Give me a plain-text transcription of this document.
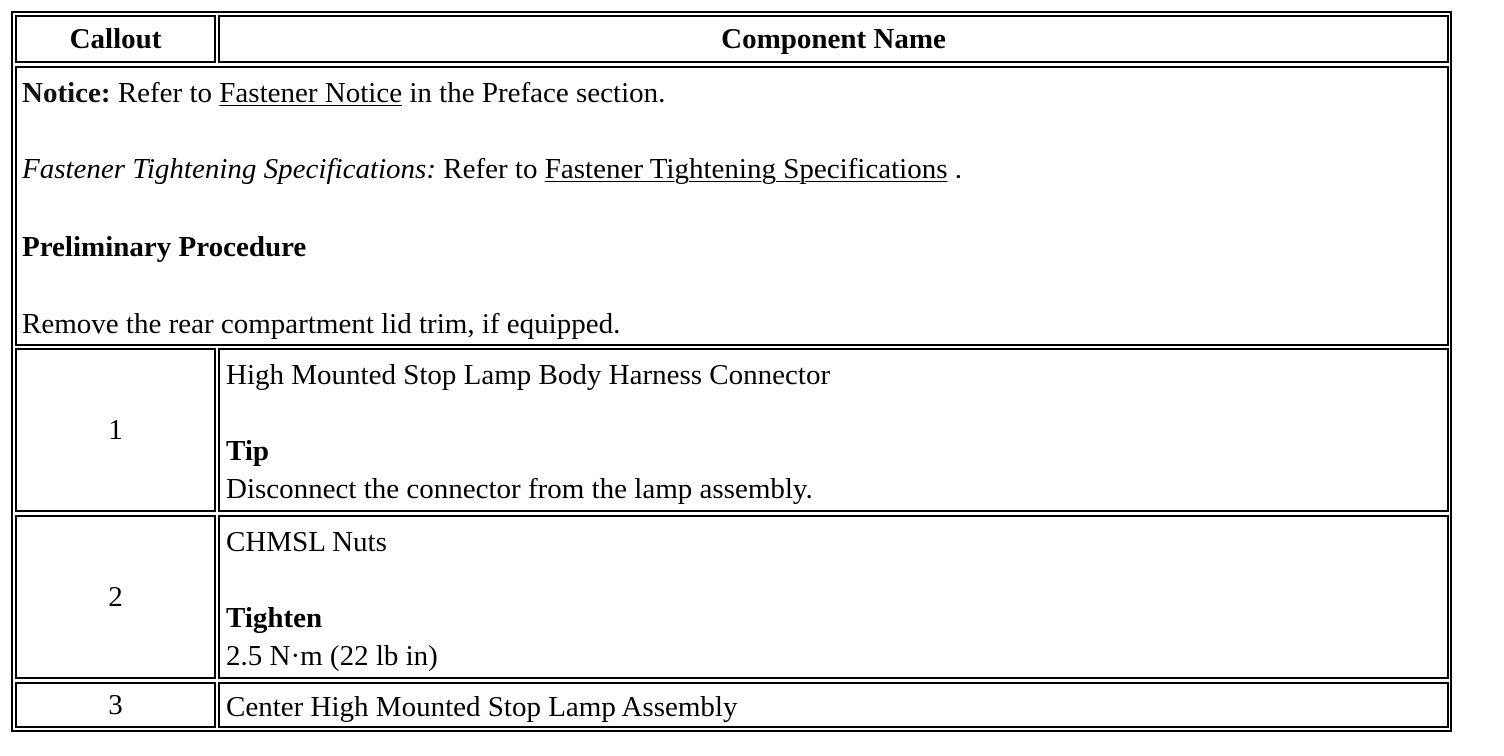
Callout	Component Name

Notice: Refer to Fastener Notice in the Preface section.

Fastener Tightening Specifications: Refer to Fastener Tightening Specifications .

Preliminary Procedure

Remove the rear compartment lid trim, if equipped.

1

High Mounted Stop Lamp Body Harness Connector

Tip

Disconnect the connector from the lamp assembly.

2

CHMSL Nuts

Tighten

2.5 N·m (22 lb in)

3	Center High Mounted Stop Lamp Assembly
